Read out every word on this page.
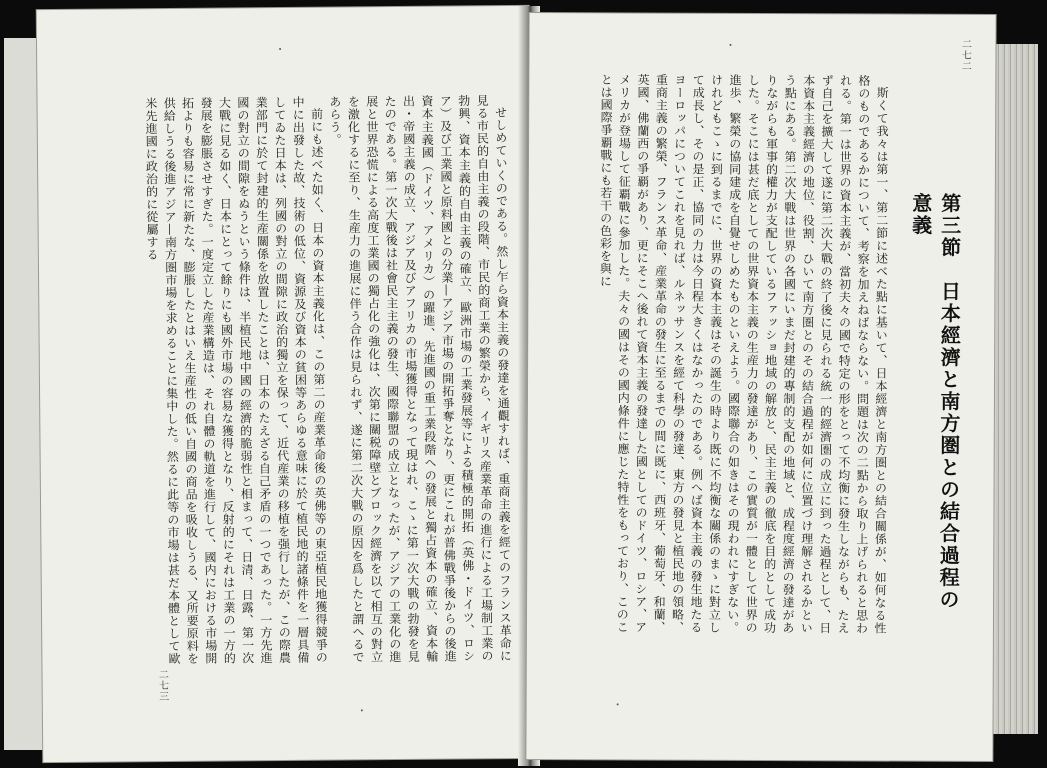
せしめていくのである。然し乍ら資本主義の發達を通觀すれば、重商主義を經てのフランス革命に見る市民的自由主義の段階、市民的商工業の繁榮から、イギリス産業革命の進行による工場制工業の勃興、資本主義的自由主義の確立、歐洲市場の工業發展等による積極的開拓（英佛・ドイツ、ロシア）及び工業國と原料國との分業—アジア市場の開拓爭奪となり、更にこれが普佛戰爭後からの後進資本主義國（ドイツ、アメリカ）の躍進、先進國の重工業段階への發展と獨占資本の確立、資本輸出・帝國主義の成立、アジア及びアフリカの市場獲得となって現はれ、こゝに第一次大戰の勃發を見たのである。第一次大戰後は社會民主主義の發生、國際聯盟の成立となったが、アジアの工業化の進展と世界恐慌による高度工業國の獨占化の強化は、次第に關税障壁とブロック經濟を以て相互の對立を激化するに至り、生産力の進展に伴う合作は見られず、遂に第二次大戰の原因を爲したと謂へるであらう。

前にも述べた如く、日本の資本主義化は、この第二の産業革命後の英佛等の東亞植民地獲得競爭の中に出發した故、技術の低位、資源及び資本の貧困等あらゆる意味に於て植民地的諸條件を一層具備してゐた日本は、列國の對立の間隙に政治的獨立を保って、近代産業の移植を强行したが、この際農業部門に於て封建的生産關係を放置したことは、日本のたえざる自己矛盾の一つであった。一方先進國の對立の間隙をぬうという條件は、半植民地中國の經濟的脆弱性と相まって、日清、日露、第一次大戰に見る如く、日本にとって餘りにも國外市場の容易な獲得となり、反射的にそれは工業の一方的發展を膨脹させすぎた。一度定立した産業構造は、それ自體の軌道を進行して、國内における市場開拓よりも容易に常に新たな、膨脹したとはいえ生産性の低い自國の商品を吸收しうる、又所要原料を供給しうる後進アジア—南方圏市場を求めることに集中した。然るに此等の市場は甚だ本體として歐米先進國に政治的に從屬する

二七三
第三節　日本經濟と南方圏との結合過程の意義

斯くて我々は第一、第二節に述べた點に基いて、日本經濟と南方圏との結合關係が、如何なる性格のものであるかについて、考察を加えねばならない。問題は次の二點から取り上げられると思われる。第一は世界の資本主義が、當初夫々の國で特定の形をとって不均衡に發生しながらも、たえず自己を擴大して遂に第二次大戰の終了後に見られる統一的經濟圏の成立に到った過程として、日本資本主義經濟の地位、役割、ひいて南方圏とのその結合過程が如何に位置づけ理解されるかという點にある。第二次大戰は世界の各國にいまだ封建的專制的支配の地域と、成程度經濟の發達がありながらも軍事的權力が支配しているファッショ地域の解放と、民主主義の徹底を目的として成功した。そこには甚だ底としての世界資本主義の生産力の發達があり、この實質が一體として世界の進歩、繁榮の協同建成を自覺せしめたものといえよう。國際聯合の如きはその現われにすぎない。けれどもこゝに到るまでに、世界の資本主義はその誕生の時より既に不均衡な關係のまゝに對立して成長し、その是正、協同の力は今日程大きくはなかったのである。例へば資本主義の發生地たるヨーロッパについてこれを見れば、ルネッサンスを經て科學の發達、東方の發見と植民地の領略、重商主義の繁榮、フランス革命、産業革命の發生に至るまでの間に既に、西班牙、葡萄牙、和蘭、英國、佛蘭西の爭覇があり、更にそこへ後れて資本主義の發達した國としてのドイツ、ロシア、アメリカが登場して征覇戰に參加した。夫々の國はその國内條件に應じた特性をもっており、このことは國際爭覇戰にも若干の色彩を與に

二七二
